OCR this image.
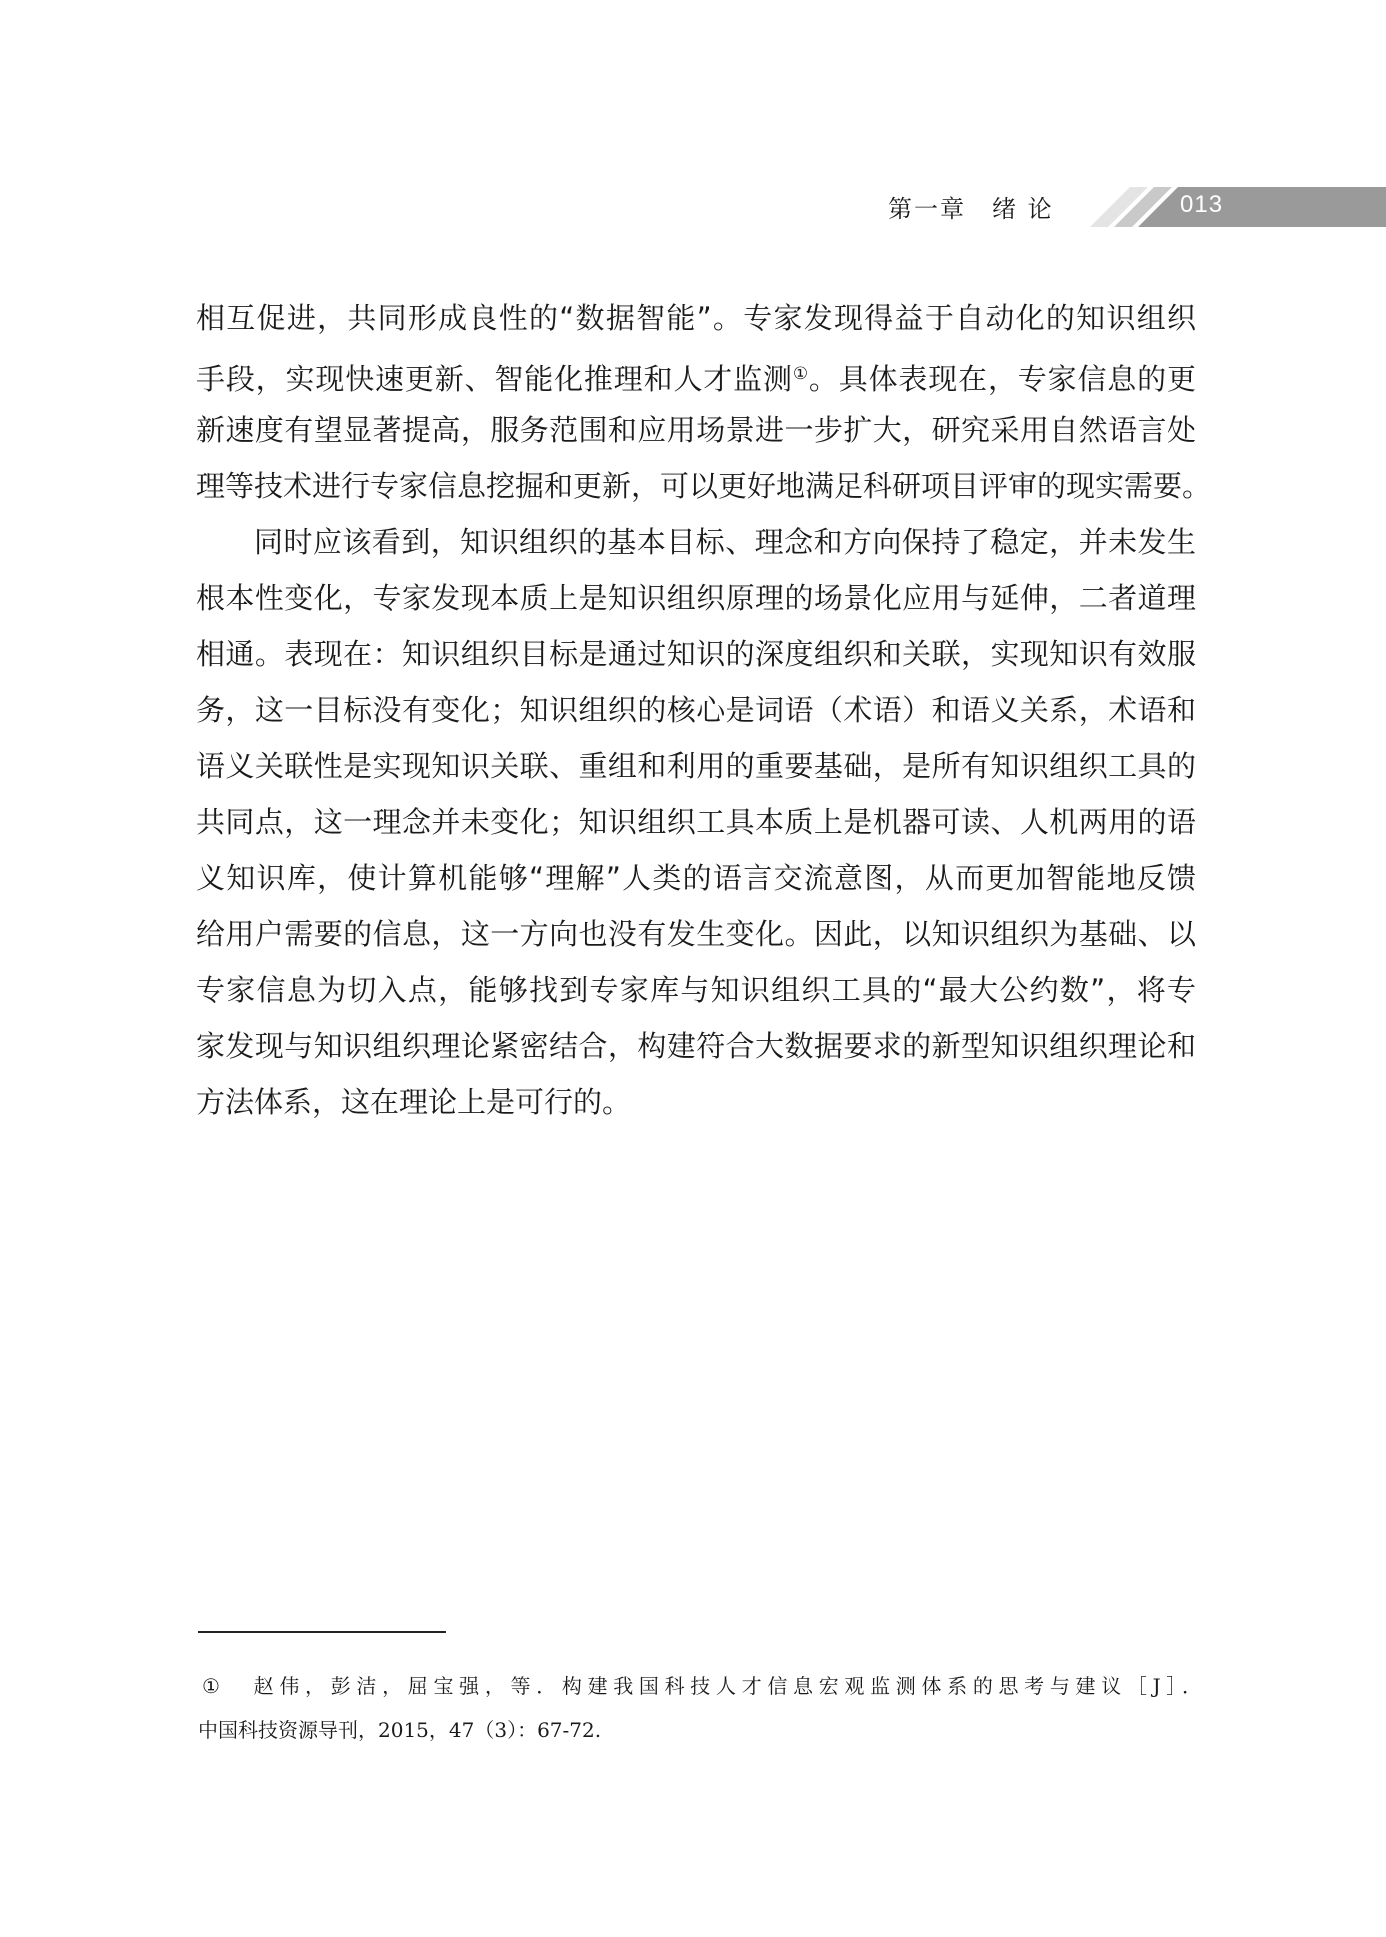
第一章　绪 论	013
相互促进，共同形成良性的“数据智能”。专家发现得益于自动化的知识组织
手段，实现快速更新、智能化推理和人才监测①。具体表现在，专家信息的更
新速度有望显著提高，服务范围和应用场景进一步扩大，研究采用自然语言处
理等技术进行专家信息挖掘和更新，可以更好地满足科研项目评审的现实需要。
同时应该看到，知识组织的基本目标、理念和方向保持了稳定，并未发生
根本性变化，专家发现本质上是知识组织原理的场景化应用与延伸，二者道理
相通。表现在：知识组织目标是通过知识的深度组织和关联，实现知识有效服
务，这一目标没有变化；知识组织的核心是词语（术语）和语义关系，术语和
语义关联性是实现知识关联、重组和利用的重要基础，是所有知识组织工具的
共同点，这一理念并未变化；知识组织工具本质上是机器可读、人机两用的语
义知识库，使计算机能够“理解”人类的语言交流意图，从而更加智能地反馈
给用户需要的信息，这一方向也没有发生变化。因此，以知识组织为基础、以
专家信息为切入点，能够找到专家库与知识组织工具的“最大公约数”，将专
家发现与知识组织理论紧密结合，构建符合大数据要求的新型知识组织理论和
方法体系，这在理论上是可行的。
① 赵伟，彭洁，屈宝强，等．构建我国科技人才信息宏观监测体系的思考与建议［J］．
中国科技资源导刊，2015，47（3）：67-72.
